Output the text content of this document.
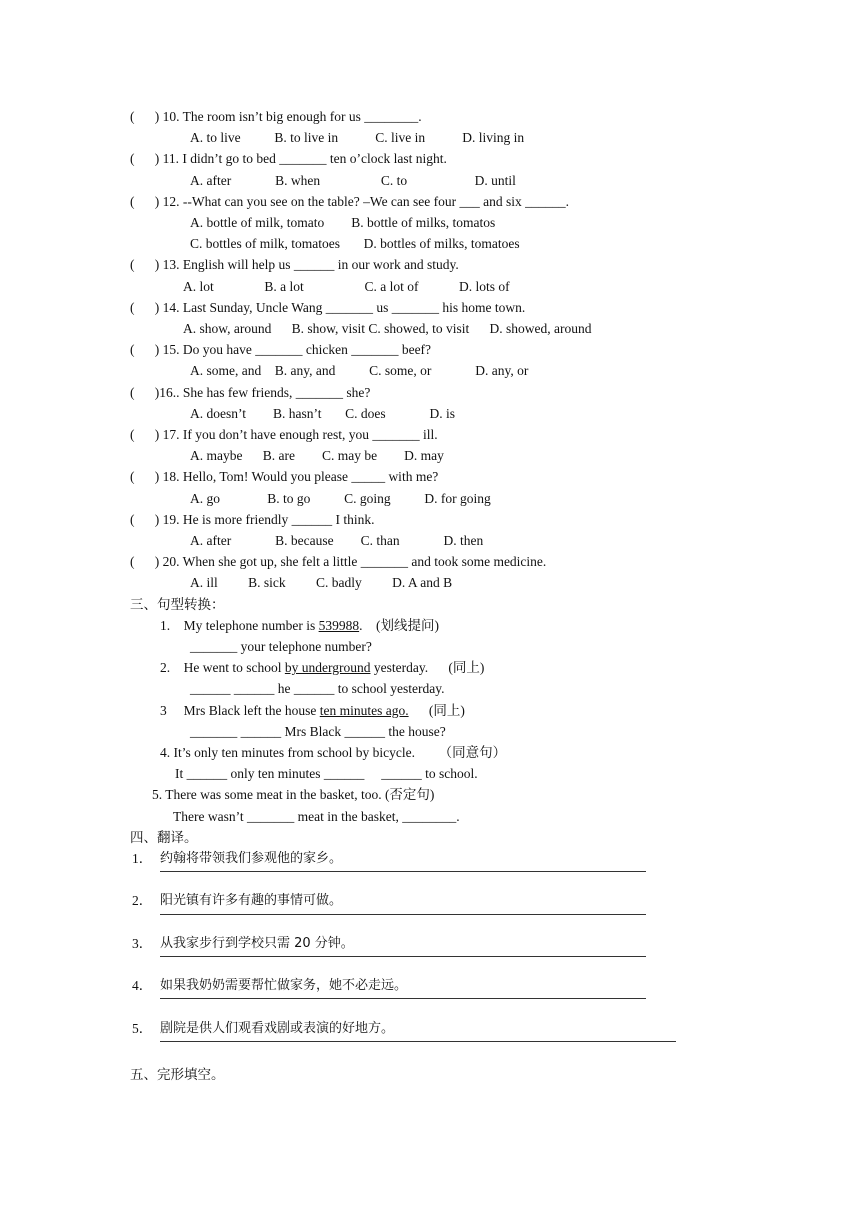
(      ) 10. The room isn’t big enough for us ________.
A. to live          B. to live in           C. live in           D. living in
(      ) 11. I didn’t go to bed _______ ten o’clock last night.
A. after             B. when                  C. to                    D. until
(      ) 12. --What can you see on the table? –We can see four ___ and six ______.
A. bottle of milk, tomato        B. bottle of milks, tomatos
C. bottles of milk, tomatoes       D. bottles of milks, tomatoes
(      ) 13. English will help us ______ in our work and study.
A. lot               B. a lot                  C. a lot of            D. lots of
(      ) 14. Last Sunday, Uncle Wang _______ us _______ his home town.
A. show, around      B. show, visit C. showed, to visit      D. showed, around
(      ) 15. Do you have _______ chicken _______ beef?
A. some, and    B. any, and          C. some, or             D. any, or
(      )16.. She has few friends, _______ she?
A. doesn’t        B. hasn’t       C. does             D. is
(      ) 17. If you don’t have enough rest, you _______ ill.
A. maybe      B. are        C. may be        D. may
(      ) 18. Hello, Tom! Would you please _____ with me?
A. go              B. to go          C. going          D. for going
(      ) 19. He is more friendly ______ I think.
A. after             B. because        C. than             D. then
(      ) 20. When she got up, she felt a little _______ and took some medicine.
A. ill         B. sick         C. badly         D. A and B
三、句型转换：
1.    My telephone number is 539988.    (划线提问)
_______ your telephone number?
2.    He went to school by underground yesterday.      (同上)
______ ______ he ______ to school yesterday.
3     Mrs Black left the house ten minutes ago.      (同上)
_______ ______ Mrs Black ______ the house?
4. It’s only ten minutes from school by bicycle.       （同意句）
It ______ only ten minutes ______     ______ to school.
5. There was some meat in the basket, too. (否定句)
There wasn’t _______ meat in the basket, ________.
四、翻译。
1． 约翰将带领我们参观他的家乡。
2． 阳光镇有许多有趣的事情可做。
3． 从我家步行到学校只需 20 分钟。
4． 如果我奶奶需要帮忙做家务，她不必走远。
5． 剧院是供人们观看戏剧或表演的好地方。
五、完形填空。
